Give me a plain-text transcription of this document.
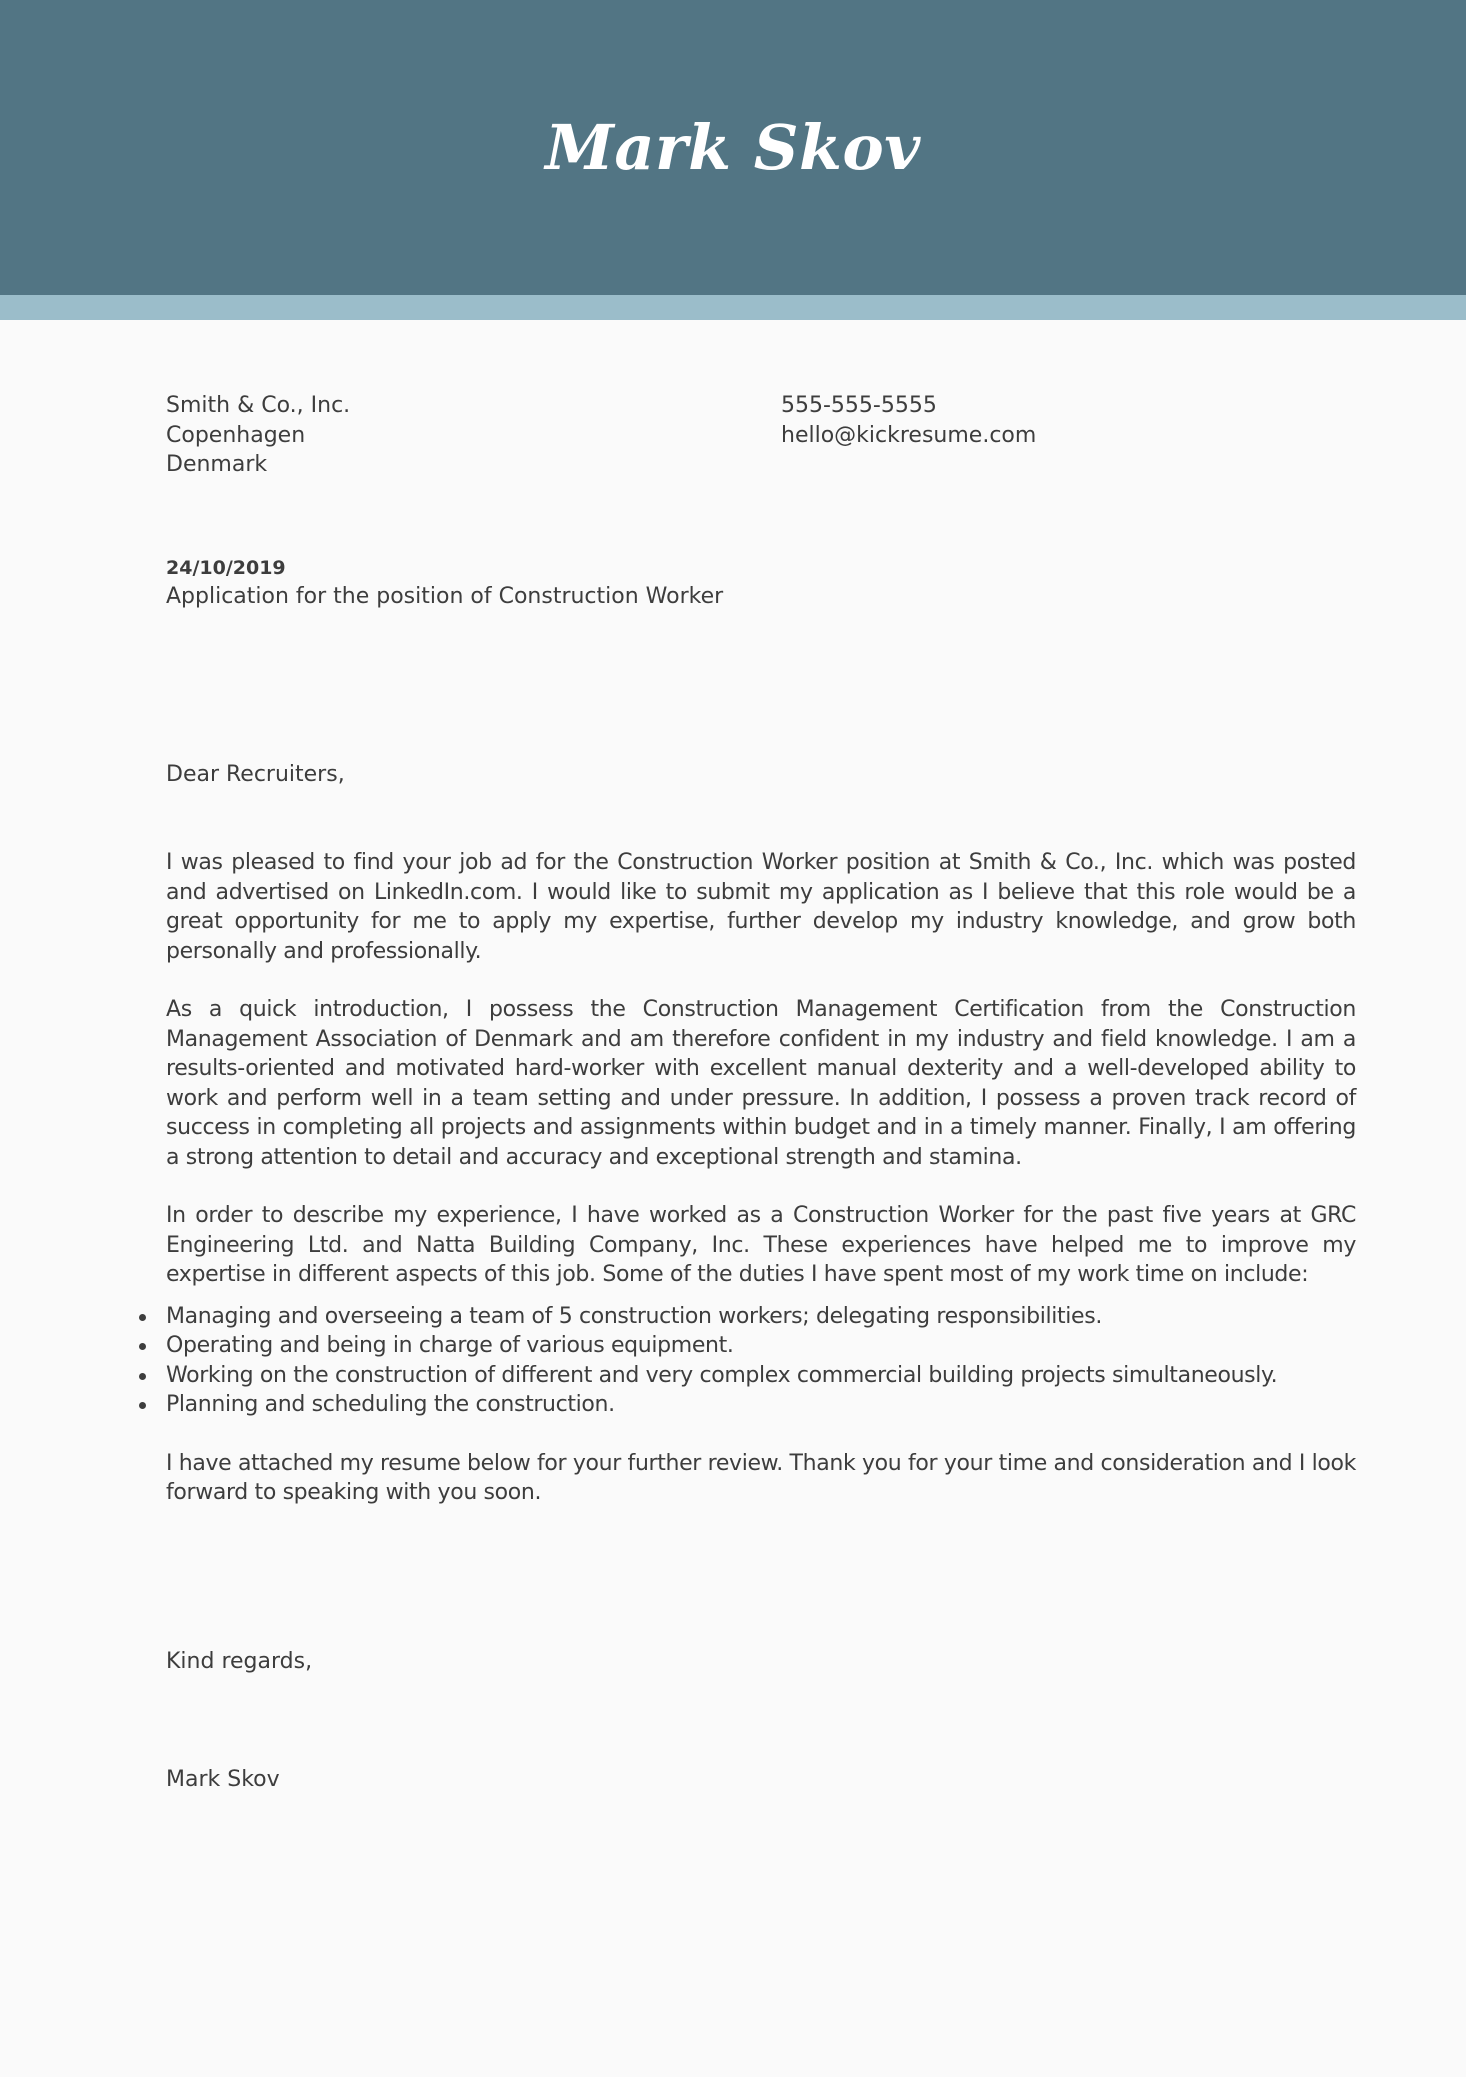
Mark Skov
Smith & Co., Inc.
Copenhagen
Denmark
555-555-5555
hello@kickresume.com
24/10/2019
Application for the position of Construction Worker
Dear Recruiters,

I was pleased to find your job ad for the Construction Worker position at Smith & Co., Inc. which was posted and advertised on LinkedIn.com. I would like to submit my application as I believe that this role would be a great opportunity for me to apply my expertise, further develop my industry knowledge, and grow both personally and professionally.

As a quick introduction, I possess the Construction Management Certification from the Construction Management Association of Denmark and am therefore confident in my industry and field knowledge. I am a results-oriented and motivated hard-worker with excellent manual dexterity and a well-developed ability to work and perform well in a team setting and under pressure. In addition, I possess a proven track record of success in completing all projects and assignments within budget and in a timely manner. Finally, I am offering a strong attention to detail and accuracy and exceptional strength and stamina.

In order to describe my experience, I have worked as a Construction Worker for the past five years at GRC Engineering Ltd. and Natta Building Company, Inc. These experiences have helped me to improve my expertise in different aspects of this job. Some of the duties I have spent most of my work time on include:

Managing and overseeing a team of 5 construction workers; delegating responsibilities.
Operating and being in charge of various equipment.
Working on the construction of different and very complex commercial building projects simultaneously.
Planning and scheduling the construction.

I have attached my resume below for your further review. Thank you for your time and consideration and I look forward to speaking with you soon.

Kind regards,
Mark Skov
